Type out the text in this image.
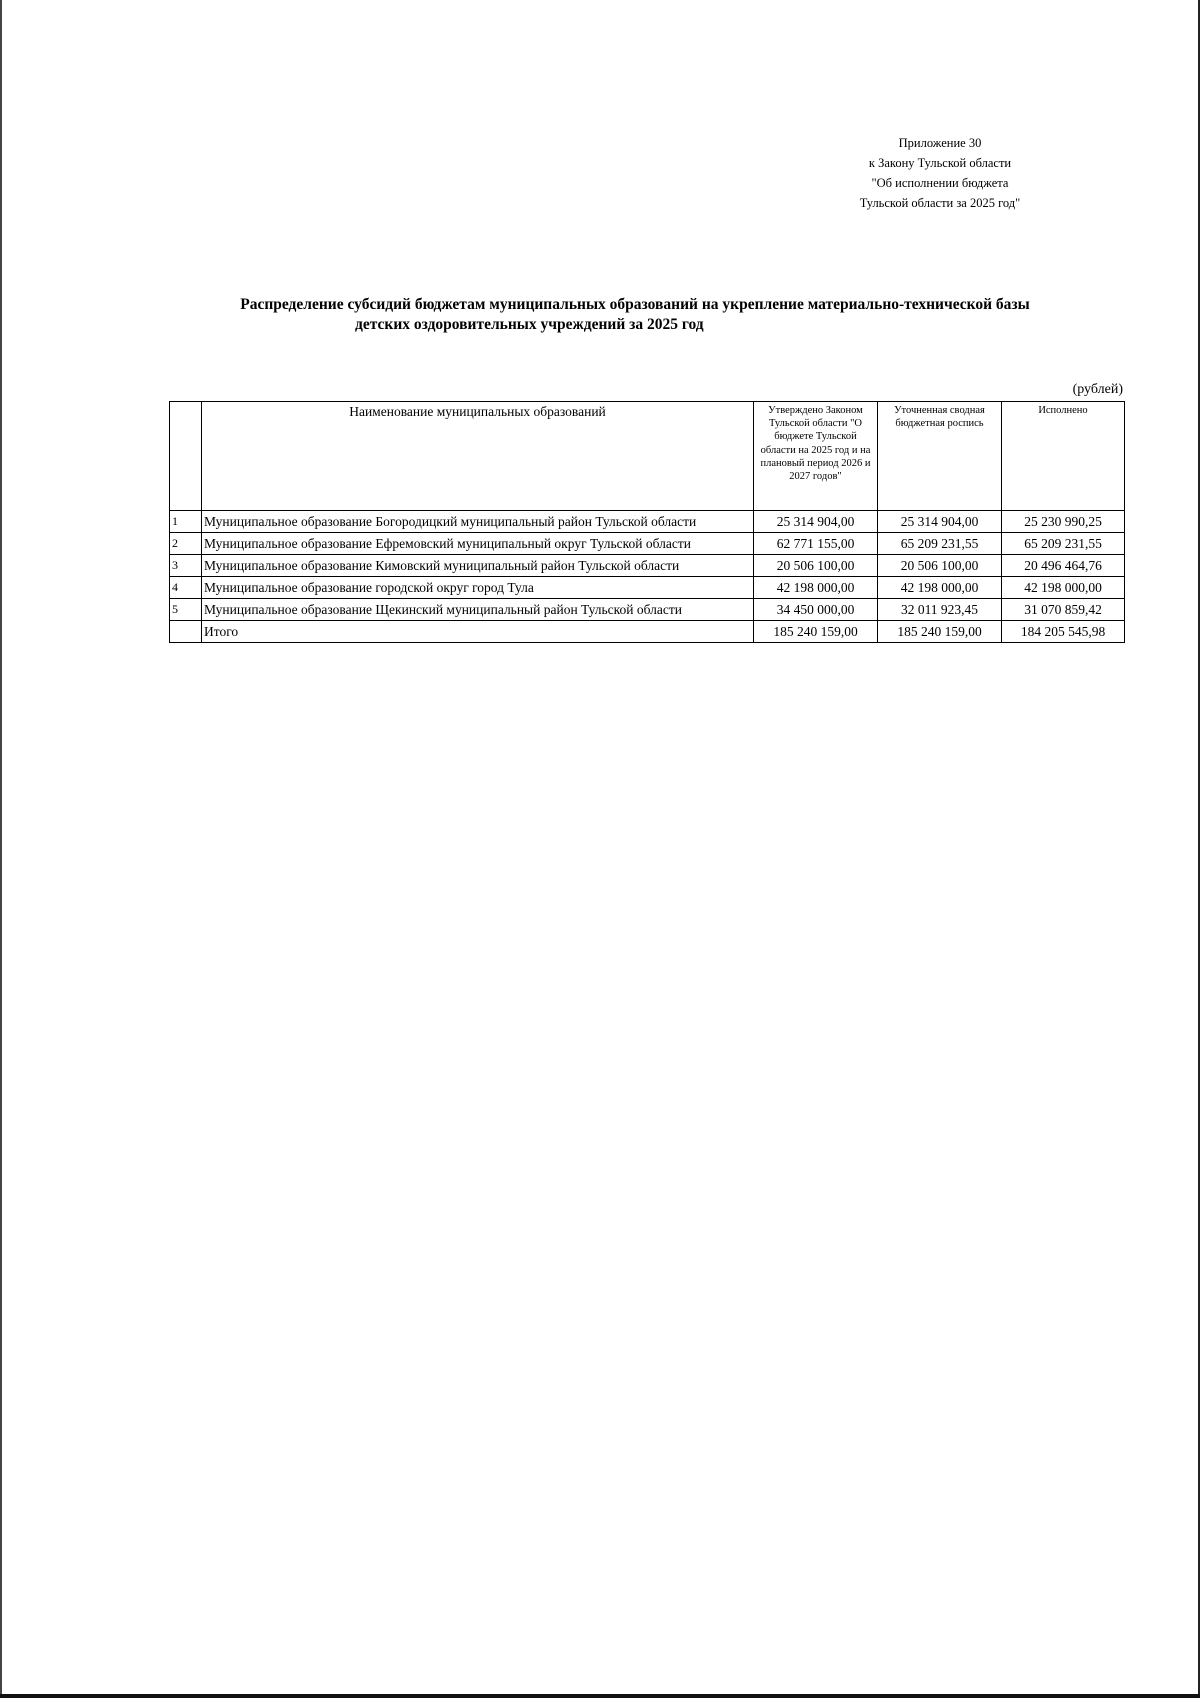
Приложение 30
к Закону Тульской области
"Об исполнении бюджета
Тульской области за 2025 год"
Распределение субсидий бюджетам муниципальных образований на укрепление материально-технической базы
детских оздоровительных учреждений за 2025 год
(рублей)
	Наименование муниципальных образований	Утверждено Законом Тульской области "О бюджете Тульской области на 2025 год и на плановый период 2026 и 2027 годов"	Уточненная сводная бюджетная роспись	Исполнено
1	Муниципальное образование Богородицкий муниципальный район Тульской области	25 314 904,00	25 314 904,00	25 230 990,25
2	Муниципальное образование Ефремовский муниципальный округ Тульской области	62 771 155,00	65 209 231,55	65 209 231,55
3	Муниципальное образование Кимовский муниципальный район Тульской области	20 506 100,00	20 506 100,00	20 496 464,76
4	Муниципальное образование городской округ город Тула	42 198 000,00	42 198 000,00	42 198 000,00
5	Муниципальное образование Щекинский муниципальный район Тульской области	34 450 000,00	32 011 923,45	31 070 859,42
	Итого	185 240 159,00	185 240 159,00	184 205 545,98
